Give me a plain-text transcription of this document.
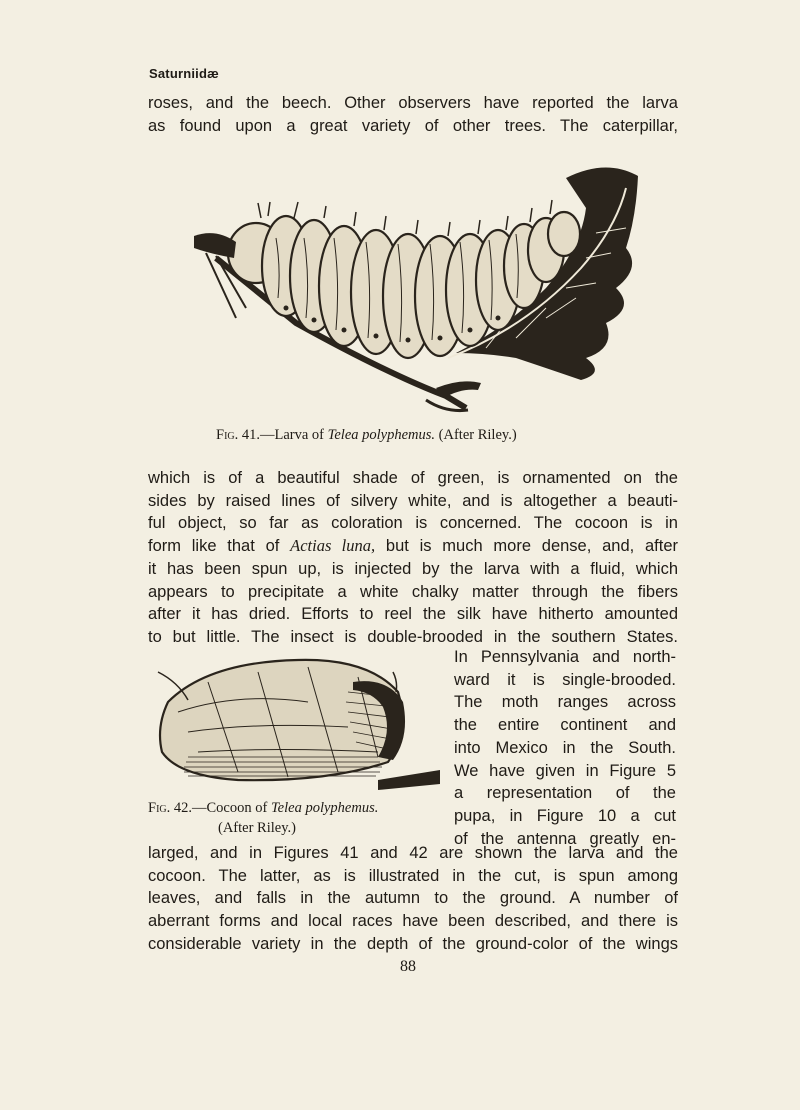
Saturniidæ
roses, and the beech. Other observers have reported the larva
as found upon a great variety of other trees. The caterpillar,
Fig. 41.—Larva of Telea polyphemus. (After Riley.)
which is of a beautiful shade of green, is ornamented on the
sides by raised lines of silvery white, and is altogether a beauti-
ful object, so far as coloration is concerned. The cocoon is in
form like that of Actias luna, but is much more dense, and, after
it has been spun up, is injected by the larva with a fluid, which
appears to precipitate a white chalky matter through the fibers
after it has dried. Efforts to reel the silk have hitherto amounted
to but little. The insect is double-brooded in the southern States.
Fig. 42.—Cocoon of Telea polyphemus.
(After Riley.)
In Pennsylvania and north-
ward it is single-brooded.
The moth ranges across
the entire continent and
into Mexico in the South.
We have given in Figure 5
a representation of the
pupa, in Figure 10 a cut
of the antenna greatly en-
larged, and in Figures 41 and 42 are shown the larva and the
cocoon. The latter, as is illustrated in the cut, is spun among
leaves, and falls in the autumn to the ground. A number of
aberrant forms and local races have been described, and there is
considerable variety in the depth of the ground-color of the wings
88
